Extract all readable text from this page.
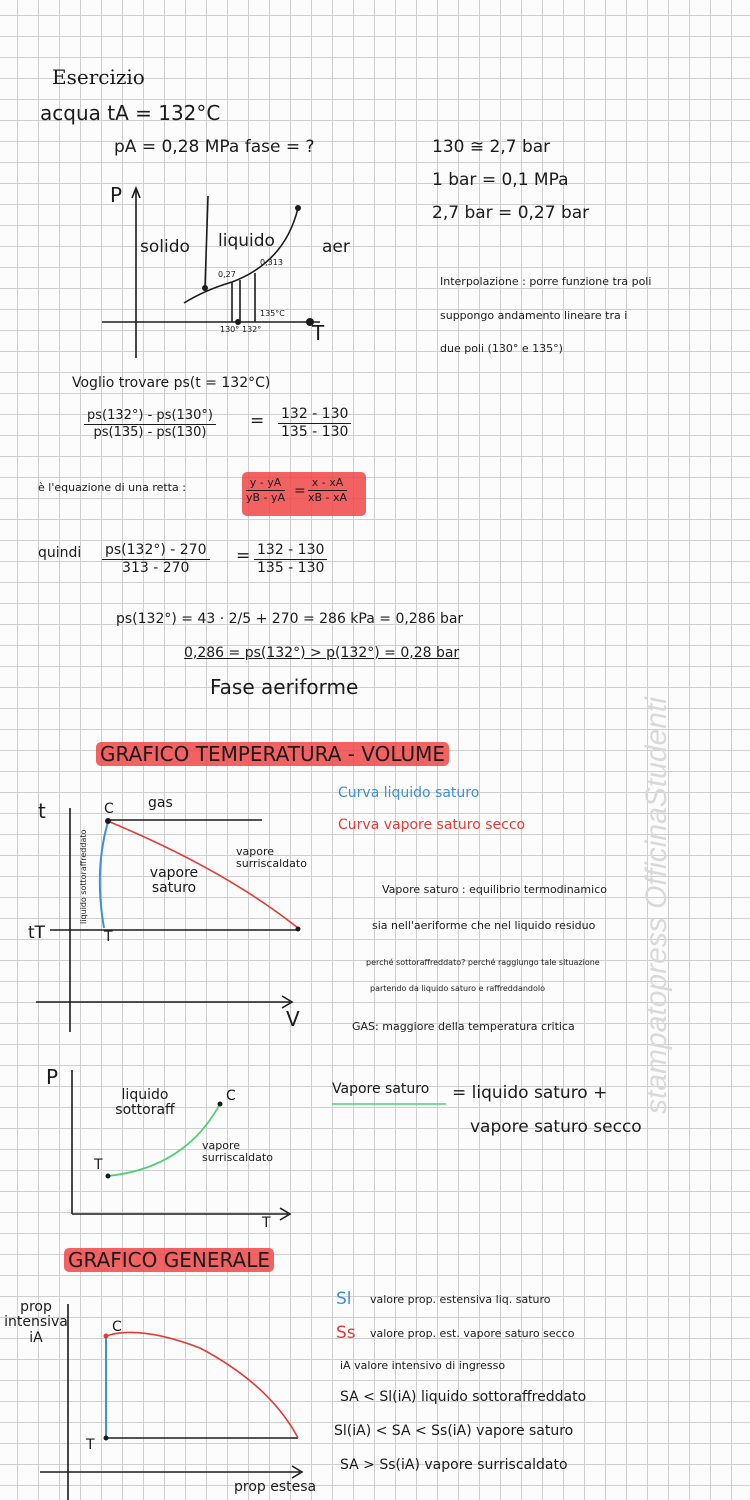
stampatopress OfficinaStudenti
Esercizio
acqua tA = 132°C
pA = 0,28 MPa fase = ?	130 ≅ 2,7 bar
1 bar = 0,1 MPa
2,7 bar = 0,27 bar
Interpolazione : porre funzione tra poli
suppongo andamento lineare tra i
due poli (130° e 135°)
P
T
solido liquido	aer
0,27
0,313
135°C
130° 132°
Voglio trovare ps(t = 132°C)
$\frac{ps(132^\circ) - ps(130^\circ)}{ps(135) - ps(130)} = \frac{132 - 130}{135 - 130}$
è l'equazione di una retta :	$\frac{y - yA}{yB - yA} = \frac{x - xA}{xB - xA}$
quindi $\frac{ps(132^\circ) - 270}{313 - 270} = \frac{132 - 130}{135 - 130}$
ps(132°) = 43 · 2/5 + 270 = 286 kPa = 0,286 bar
0,286 = ps(132°) > p(132°) = 0,28 bar
Fase aeriforme
GRAFICO TEMPERATURA - VOLUME
Curva liquido saturo
Curva vapore saturo secco
t
V
tT
C
T
gas
liquido sottoraffreddato	vapore saturo
vapore surriscaldato
Vapore saturo : equilibrio termodinamico
sia nell'aeriforme che nel liquido residuo
perché sottoraffreddato? perché raggiungo tale situazione
partendo da liquido saturo e raffreddandolo
GAS: maggiore della temperatura critica
P
T
C
T
liquido sottoraff
vapore surriscaldato
Vapore saturo = liquido saturo +
vapore saturo secco
GRAFICO GENERALE
prop intensiva iA
prop estesa
C
T
Sl valore prop. estensiva liq. saturo
Ss valore prop. est. vapore saturo secco
iA valore intensivo di ingresso
SA < Sl(iA) liquido sottoraffreddato
Sl(iA) < SA < Ss(iA) vapore saturo
SA > Ss(iA) vapore surriscaldato
